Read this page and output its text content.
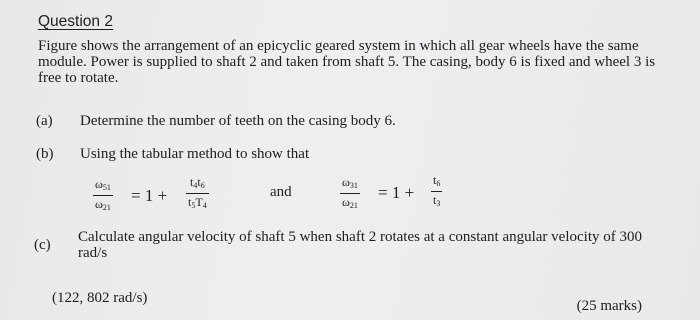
Question 2
Figure shows the arrangement of an epicyclic geared system in which all gear wheels have the same module. Power is supplied to shaft 2 and taken from shaft 5. The casing, body 6 is fixed and wheel 3 is free to rotate.
(a) Determine the number of teeth on the casing body 6.
(b) Using the tabular method to show that
$\omega_{51}$
$\omega_{21}$
= 1 +
$t_4t_6$
$t_5T_4$
and
$\omega_{31}$
$\omega_{21}$
= 1 +
$t_6$
$t_3$
(c) Calculate angular velocity of shaft 5 when shaft 2 rotates at a constant angular velocity of 300 rad/s
(122, 802 rad/s)	(25 marks)
